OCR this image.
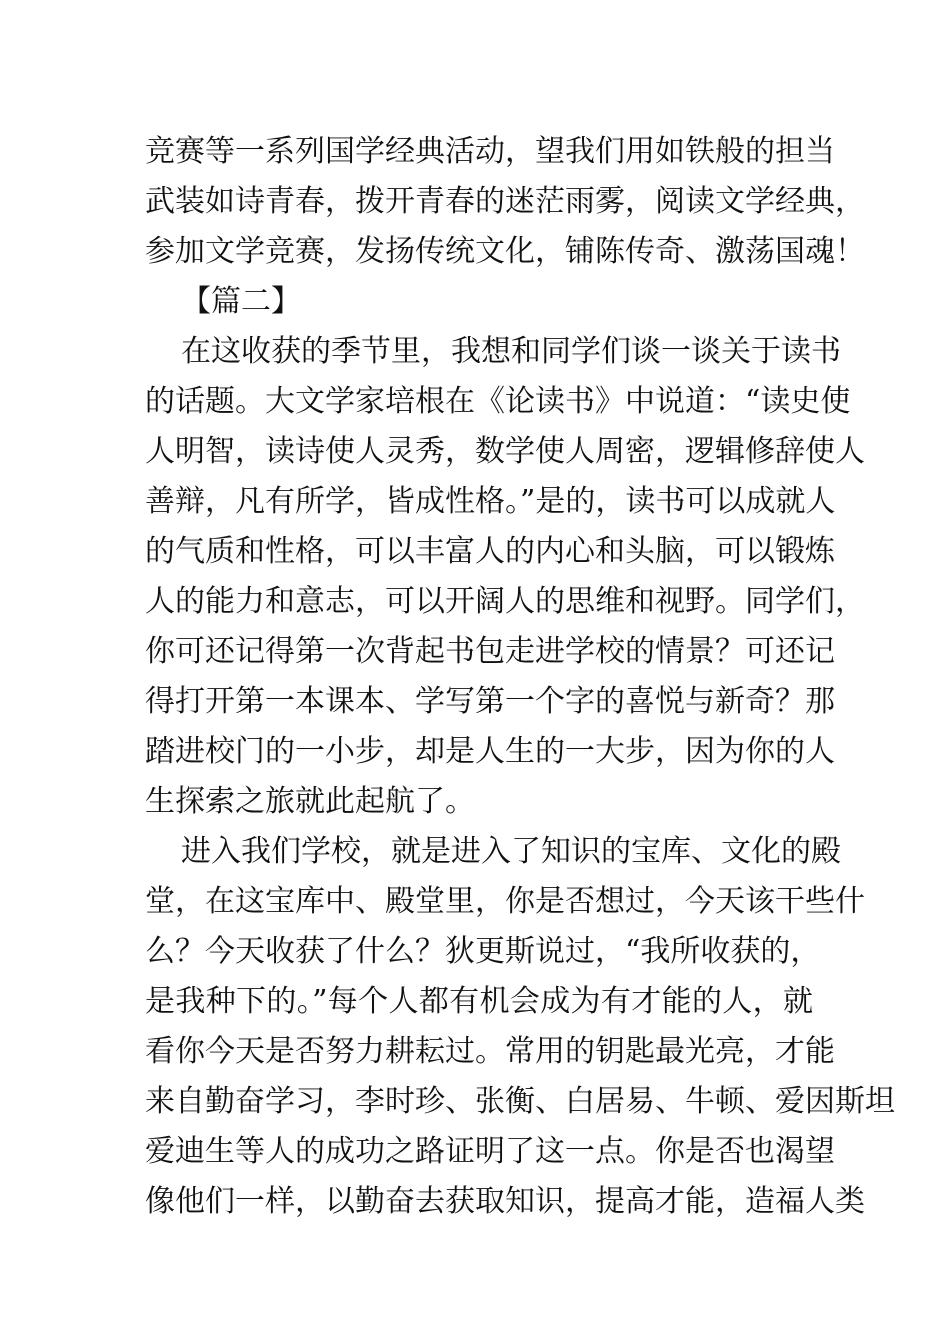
竞赛等一系列国学经典活动，望我们用如铁般的担当
武装如诗青春，拨开青春的迷茫雨雾，阅读文学经典，
参加文学竞赛，发扬传统文化，铺陈传奇、激荡国魂！
【篇二】
在这收获的季节里，我想和同学们谈一谈关于读书
的话题。大文学家培根在《论读书》中说道：“读史使
人明智，读诗使人灵秀，数学使人周密，逻辑修辞使人
善辩，凡有所学，皆成性格。”是的，读书可以成就人
的气质和性格，可以丰富人的内心和头脑，可以锻炼
人的能力和意志，可以开阔人的思维和视野。同学们，
你可还记得第一次背起书包走进学校的情景？可还记
得打开第一本课本、学写第一个字的喜悦与新奇？那
踏进校门的一小步，却是人生的一大步，因为你的人
生探索之旅就此起航了。
进入我们学校，就是进入了知识的宝库、文化的殿
堂，在这宝库中、殿堂里，你是否想过，今天该干些什
么？今天收获了什么？狄更斯说过，“我所收获的，
是我种下的。”每个人都有机会成为有才能的人，就
看你今天是否努力耕耘过。常用的钥匙最光亮，才能
来自勤奋学习，李时珍、张衡、白居易、牛顿、爱因斯坦
爱迪生等人的成功之路证明了这一点。你是否也渴望
像他们一样，以勤奋去获取知识，提高才能，造福人类
